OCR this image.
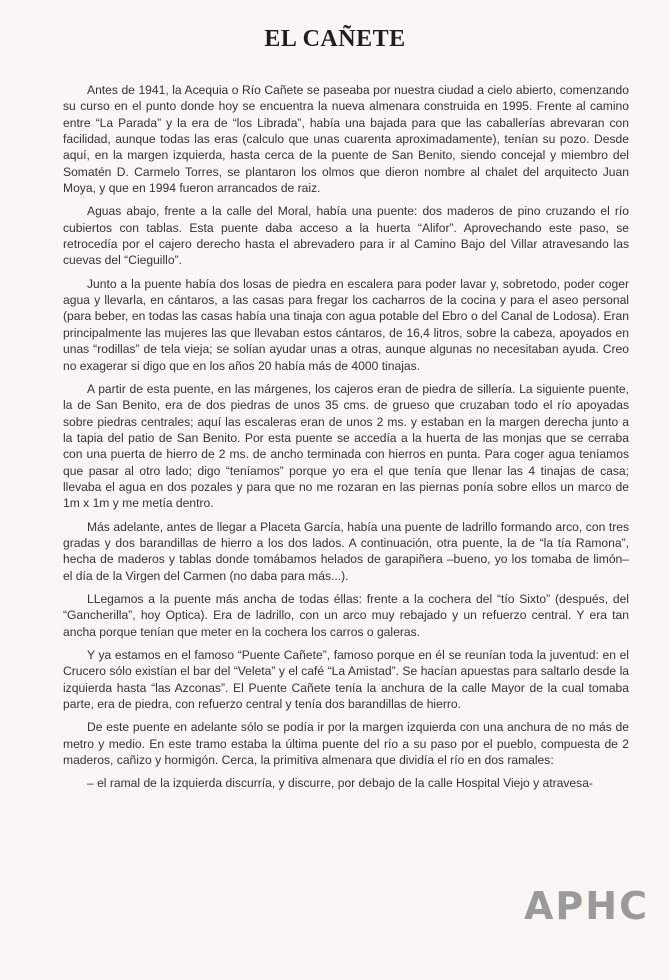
EL CAÑETE

Antes de 1941, la Acequia o Río Cañete se paseaba por nuestra ciudad a cielo abierto, comenzando su curso en el punto donde hoy se encuentra la nueva almenara construida en 1995. Frente al camino entre “La Parada” y la era de “los Librada”, había una bajada para que las caballerías abrevaran con facilidad, aunque todas las eras (calculo que unas cuarenta aproximadamente), tenían su pozo. Desde aquí, en la margen izquierda, hasta cerca de la puente de San Benito, siendo concejal y miembro del Somatén D. Carmelo Torres, se plantaron los olmos que dieron nombre al chalet del arquitecto Juan Moya, y que en 1994 fueron arrancados de raiz.

Aguas abajo, frente a la calle del Moral, había una puente: dos maderos de pino cruzando el río cubiertos con tablas. Esta puente daba acceso a la huerta “Alifor”. Aprovechando este paso, se retrocedía por el cajero derecho hasta el abrevadero para ir al Camino Bajo del Villar atravesando las cuevas del “Cieguillo”.

Junto a la puente había dos losas de piedra en escalera para poder lavar y, sobretodo, poder coger agua y llevarla, en cántaros, a las casas para fregar los cacharros de la cocina y para el aseo personal (para beber, en todas las casas había una tinaja con agua potable del Ebro o del Canal de Lodosa). Eran principalmente las mujeres las que llevaban estos cántaros, de 16,4 litros, sobre la cabeza, apoyados en unas “rodillas” de tela vieja; se solían ayudar unas a otras, aunque algunas no necesitaban ayuda. Creo no exagerar si digo que en los años 20 había más de 4000 tinajas.

A partir de esta puente, en las márgenes, los cajeros eran de piedra de sillería. La siguiente puente, la de San Benito, era de dos piedras de unos 35 cms. de grueso que cruzaban todo el río apoyadas sobre piedras centrales; aquí las escaleras eran de unos 2 ms. y estaban en la margen derecha junto a la tapia del patio de San Benito. Por esta puente se accedía a la huerta de las monjas que se cerraba con una puerta de hierro de 2 ms. de ancho terminada con hierros en punta. Para coger agua teníamos que pasar al otro lado; digo “teníamos” porque yo era el que tenía que llenar las 4 tinajas de casa; llevaba el agua en dos pozales y para que no me rozaran en las piernas ponía sobre ellos un marco de 1m x 1m y me metía dentro.

Más adelante, antes de llegar a Placeta García, había una puente de ladrillo formando arco, con tres gradas y dos barandillas de hierro a los dos lados. A continuación, otra puente, la de “la tía Ramona”, hecha de maderos y tablas donde tomábamos helados de garapiñera –bueno, yo los tomaba de limón– el día de la Virgen del Carmen (no daba para más...).

LLegamos a la puente más ancha de todas éllas: frente a la cochera del “tío Sixto” (después, del “Gancherilla”, hoy Optica). Era de ladrillo, con un arco muy rebajado y un refuerzo central. Y era tan ancha porque tenían que meter en la cochera los carros o galeras.

Y ya estamos en el famoso “Puente Cañete”, famoso porque en él se reunían toda la juventud: en el Crucero sólo existían el bar del “Veleta” y el café “La Amistad”. Se hacían apuestas para saltarlo desde la izquierda hasta “las Azconas”. El Puente Cañete tenía la anchura de la calle Mayor de la cual tomaba parte, era de piedra, con refuerzo central y tenía dos barandillas de hierro.

De este puente en adelante sólo se podía ir por la margen izquierda con una anchura de no más de metro y medio. En este tramo estaba la última puente del río a su paso por el pueblo, compuesta de 2 maderos, cañizo y hormigón. Cerca, la primitiva almenara que dividía el río en dos ramales:

– el ramal de la izquierda discurría, y discurre, por debajo de la calle Hospital Viejo y atravesa-

APHC
